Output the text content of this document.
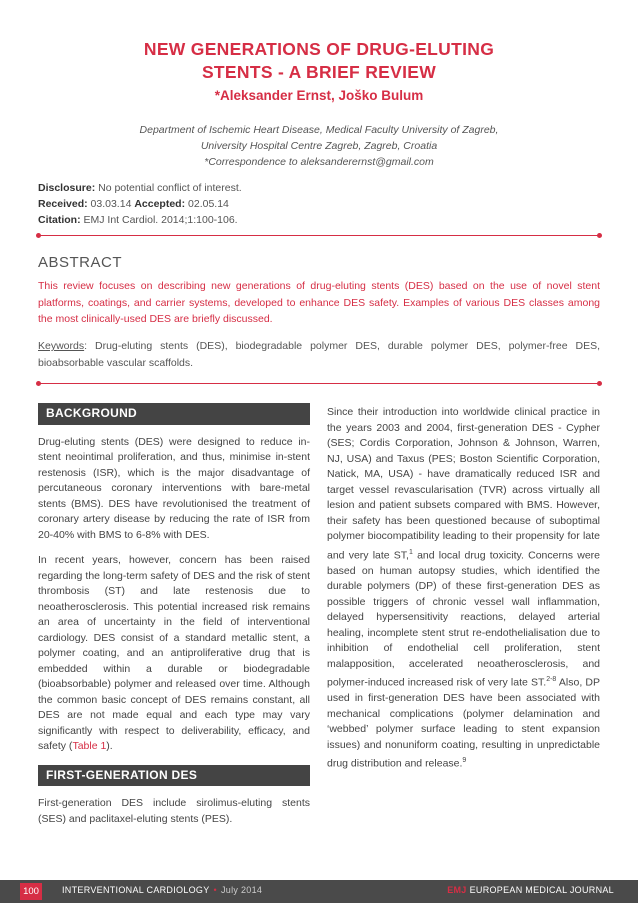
NEW GENERATIONS OF DRUG-ELUTING
STENTS - A BRIEF REVIEW
*Aleksander Ernst, Joško Bulum
Department of Ischemic Heart Disease, Medical Faculty University of Zagreb,
University Hospital Centre Zagreb, Zagreb, Croatia
*Correspondence to aleksanderernst@gmail.com
Disclosure: No potential conflict of interest.
Received: 03.03.14 Accepted: 02.05.14
Citation: EMJ Int Cardiol. 2014;1:100-106.
ABSTRACT

This review focuses on describing new generations of drug-eluting stents (DES) based on the use of novel stent platforms, coatings, and carrier systems, developed to enhance DES safety. Examples of various DES classes among the most clinically-used DES are briefly discussed.

Keywords: Drug-eluting stents (DES), biodegradable polymer DES, durable polymer DES, polymer-free DES, bioabsorbable vascular scaffolds.

BACKGROUND

Drug-eluting stents (DES) were designed to reduce in-stent neointimal proliferation, and thus, minimise in-stent restenosis (ISR), which is the major disadvantage of percutaneous coronary interventions with bare-metal stents (BMS). DES have revolutionised the treatment of coronary artery disease by reducing the rate of ISR from 20-40% with BMS to 6-8% with DES.

In recent years, however, concern has been raised regarding the long-term safety of DES and the risk of stent thrombosis (ST) and late restenosis due to neoatherosclerosis. This potential increased risk remains an area of uncertainty in the field of interventional cardiology. DES consist of a standard metallic stent, a polymer coating, and an antiproliferative drug that is embedded within a durable or biodegradable (bioabsorbable) polymer and released over time. Although the common basic concept of DES remains constant, all DES are not made equal and each type may vary significantly with respect to deliverability, efficacy, and safety (Table 1).

FIRST-GENERATION DES

First-generation DES include sirolimus-eluting stents (SES) and paclitaxel-eluting stents (PES).

Since their introduction into worldwide clinical practice in the years 2003 and 2004, first-generation DES - Cypher (SES; Cordis Corporation, Johnson & Johnson, Warren, NJ, USA) and Taxus (PES; Boston Scientific Corporation, Natick, MA, USA) - have dramatically reduced ISR and target vessel revascularisation (TVR) across virtually all lesion and patient subsets compared with BMS. However, their safety has been questioned because of suboptimal polymer biocompatibility leading to their propensity for late and very late ST,$^1$ and local drug toxicity. Concerns were based on human autopsy studies, which identified the durable polymers (DP) of these first-generation DES as possible triggers of chronic vessel wall inflammation, delayed hypersensitivity reactions, delayed arterial healing, incomplete stent strut re-endothelialisation due to inhibition of endothelial cell proliferation, stent malapposition, accelerated neoatherosclerosis, and polymer-induced increased risk of very late ST.$^{2-8}$ Also, DP used in first-generation DES have been associated with mechanical complications (polymer delamination and ‘webbed’ polymer surface leading to stent expansion issues) and nonuniform coating, resulting in unpredictable drug distribution and release.$^9$

100	INTERVENTIONAL CARDIOLOGY • July 2014	EMJ EUROPEAN MEDICAL JOURNAL
